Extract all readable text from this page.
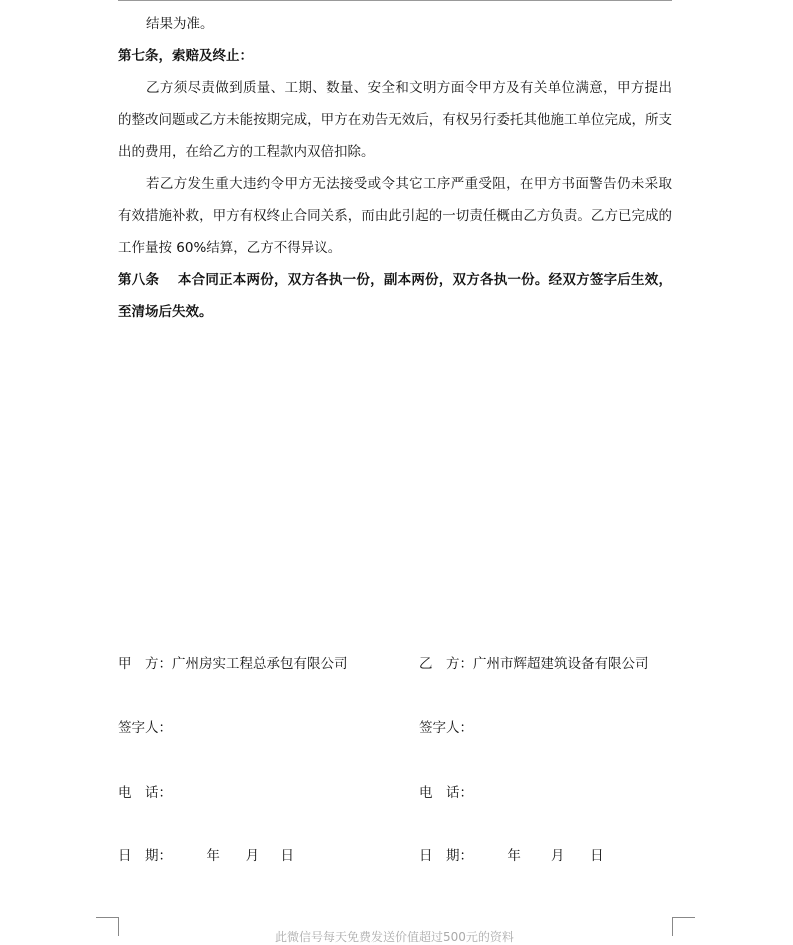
结果为准。
第七条，索赔及终止：
乙方须尽责做到质量、工期、数量、安全和文明方面令甲方及有关单位满意，甲方提出的整改问题或乙方未能按期完成，甲方在劝告无效后，有权另行委托其他施工单位完成，所支出的费用，在给乙方的工程款内双倍扣除。
若乙方发生重大违约令甲方无法接受或令其它工序严重受阻，在甲方书面警告仍未采取有效措施补救，甲方有权终止合同关系，而由此引起的一切责任概由乙方负责。乙方已完成的工作量按 60%结算，乙方不得异议。
第八条　 本合同正本两份，双方各执一份，副本两份，双方各执一份。经双方签字后生效，至清场后失效。
甲　方：广州房实工程总承包有限公司	乙　方：广州市辉超建筑设备有限公司
签字人：	签字人：
电　话：	电　话：
日　期：        年      月     日	日　期：        年       月      日
此微信号每天免费发送价值超过500元的资料
